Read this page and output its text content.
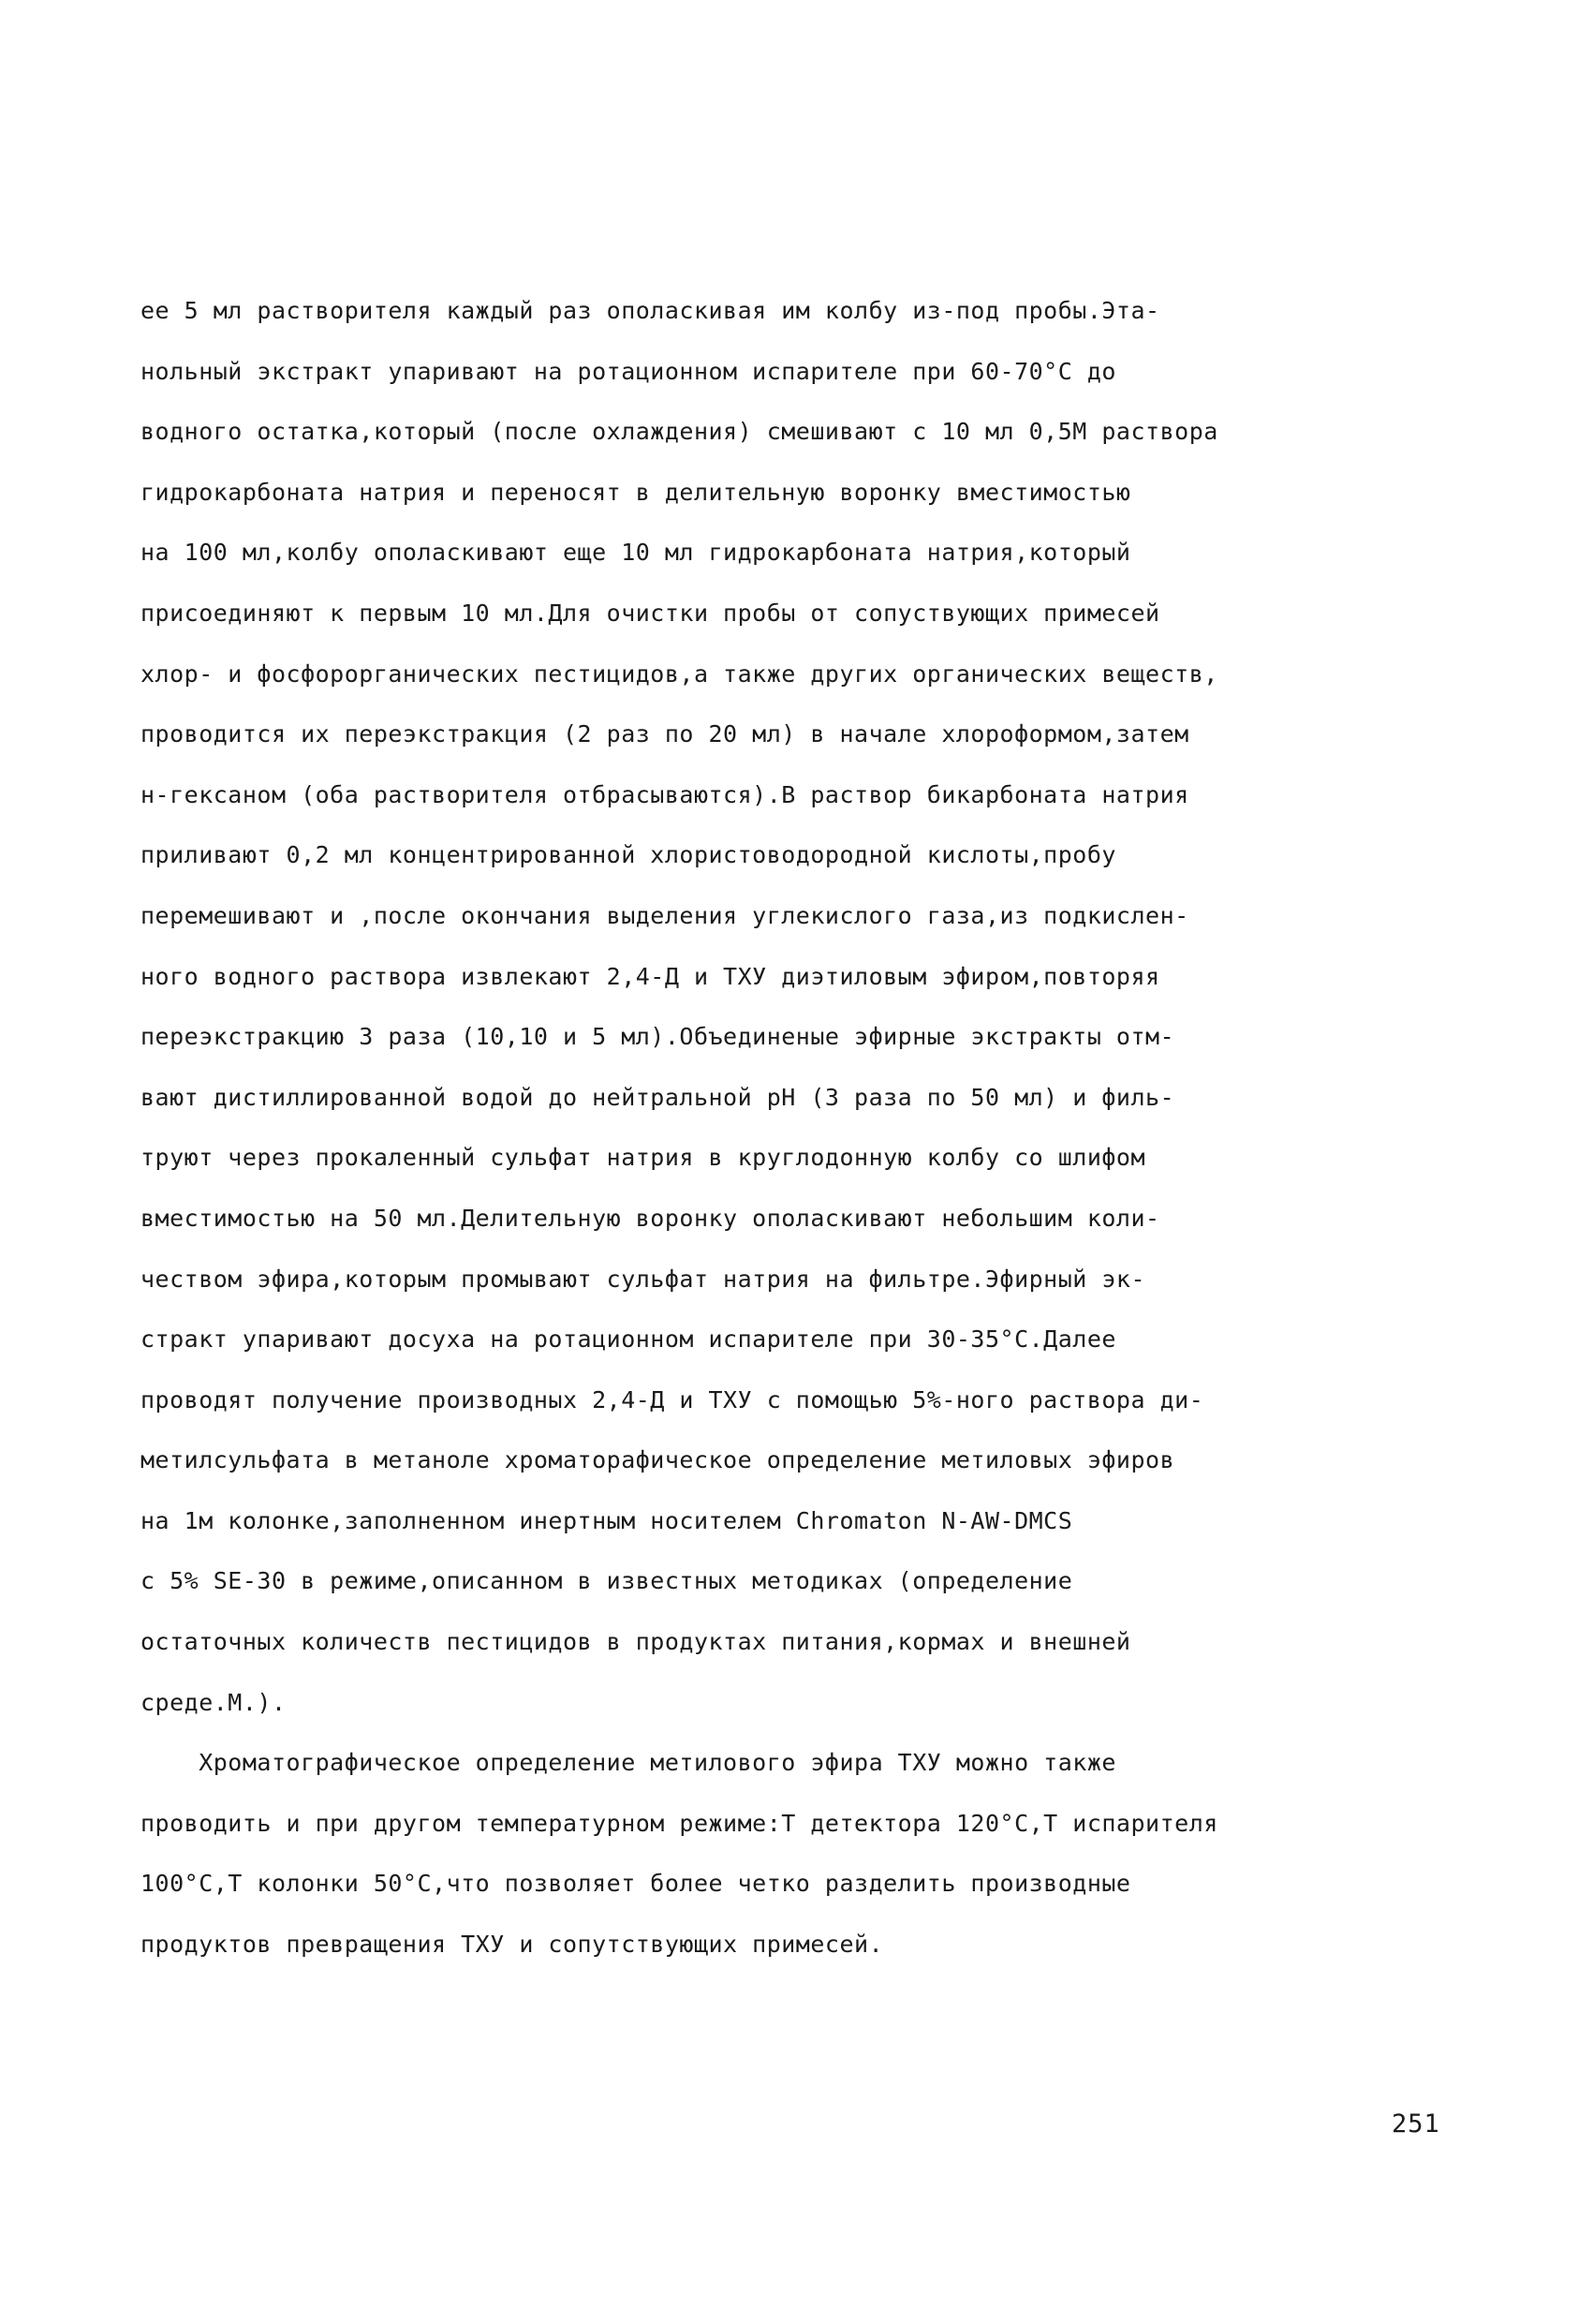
ее 5 мл растворителя каждый раз ополаскивая им колбу из-под пробы.Эта-
нольный экстракт упаривают на ротационном испарителе при 60-70°С до
водного остатка,который (после охлаждения) смешивают с 10 мл 0,5М раствора
гидрокарбоната натрия и переносят в делительную воронку вместимостью
на 100 мл,колбу ополаскивают еще 10 мл гидрокарбоната натрия,который
присоединяют к первым 10 мл.Для очистки пробы от сопуствующих примесей
хлор- и фосфорорганических пестицидов,а также других органических веществ,
проводится их переэкстракция (2 раз по 20 мл) в начале хлороформом,затем
н-гексаном (оба растворителя отбрасываются).В раствор бикарбоната натрия
приливают 0,2 мл концентрированной хлористоводородной кислоты,пробу
перемешивают и ,после окончания выделения углекислого газа,из подкислен-
ного водного раствора извлекают 2,4-Д и ТХУ диэтиловым эфиром,повторяя
переэкстракцию 3 раза (10,10 и 5 мл).Объединеные эфирные экстракты отм-
вают дистиллированной водой до нейтральной рН (3 раза по 50 мл) и филь-
труют через прокаленный сульфат натрия в круглодонную колбу со шлифом
вместимостью на 50 мл.Делительную воронку ополаскивают небольшим коли-
чеством эфира,которым промывают сульфат натрия на фильтре.Эфирный эк-
стракт упаривают досуха на ротационном испарителе при 30-35°С.Далее
проводят получение производных 2,4-Д и ТХУ с помощью 5%-ного раствора ди-
метилсульфата в метаноле хроматорафическое определение метиловых эфиров
на 1м колонке,заполненном инертным носителем Chromaton N-AW-DMCS
с 5% SE-30 в режиме,описанном в известных методиках (определение
остаточных количеств пестицидов в продуктах питания,кормах и внешней
среде.М.).
Хроматографическое определение метилового эфира ТХУ можно также
проводить и при другом температурном режиме:Т детектора 120°С,Т испарителя
100°С,Т колонки 50°С,что позволяет более четко разделить производные
продуктов превращения ТХУ и сопутствующих примесей.
251
